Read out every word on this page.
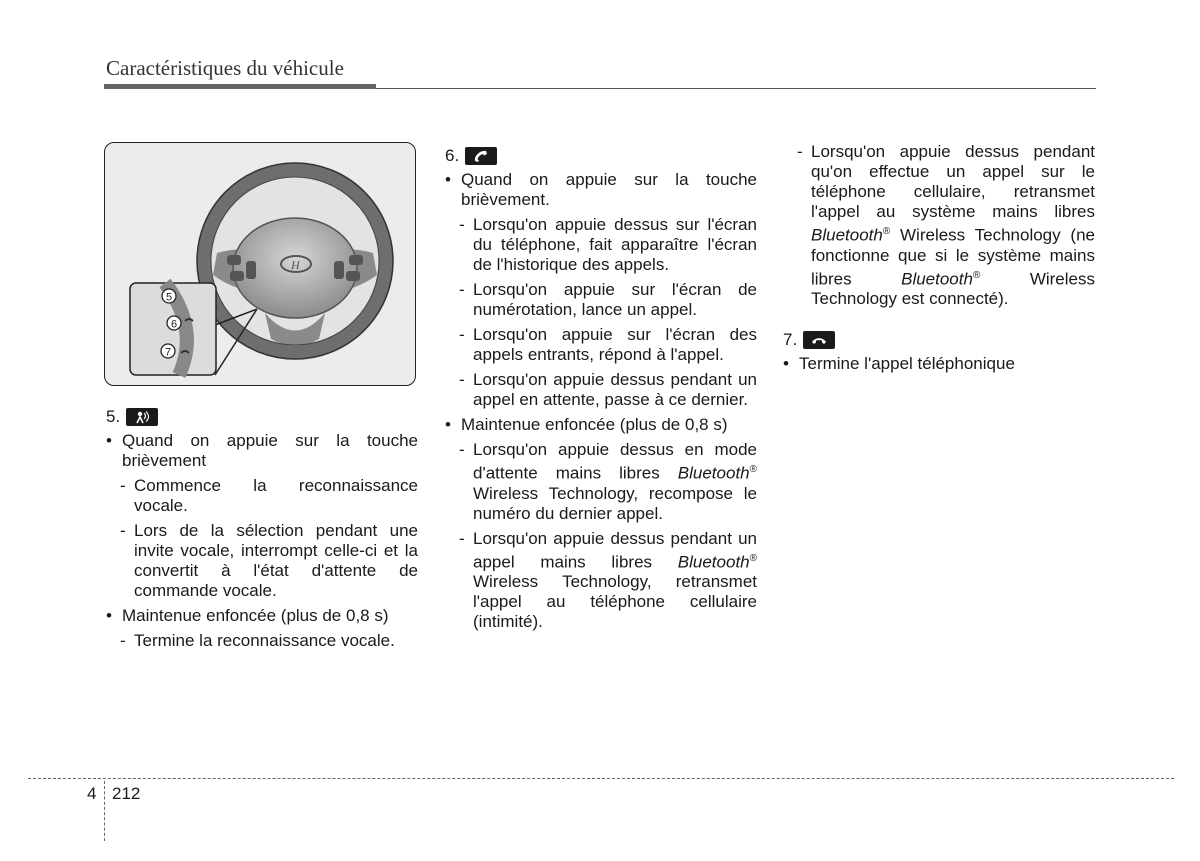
Caractéristiques du véhicule
H
5
6
7
5.
• Quand on appuie sur la touche brièvement
- Commence la reconnaissance vocale.
- Lors de la sélection pendant une invite vocale, interrompt celle-ci et la convertit à l'état d'attente de commande vocale.
• Maintenue enfoncée (plus de 0,8 s)
- Termine la reconnaissance vocale.
6.
• Quand on appuie sur la touche brièvement.
- Lorsqu'on appuie dessus sur l'écran du téléphone, fait apparaître l'écran de l'historique des appels.
- Lorsqu'on appuie sur l'écran de numérotation, lance un appel.
- Lorsqu'on appuie sur l'écran des appels entrants, répond à l'appel.
- Lorsqu'on appuie dessus pendant un appel en attente, passe à ce dernier.
• Maintenue enfoncée (plus de 0,8 s)
- Lorsqu'on appuie dessus en mode d'attente mains libres Bluetooth® Wireless Technology, recompose le numéro du dernier appel.
- Lorsqu'on appuie dessus pendant un appel mains libres Bluetooth® Wireless Technology, retransmet l'appel au téléphone cellulaire (intimité).
- Lorsqu'on appuie dessus pendant qu'on effectue un appel sur le téléphone cellulaire, retransmet l'appel au système mains libres Bluetooth® Wireless Technology (ne fonctionne que si le système mains libres	Bluetooth®	Wireless Technology est connecté).
7.
• Termine l'appel téléphonique
4 212
